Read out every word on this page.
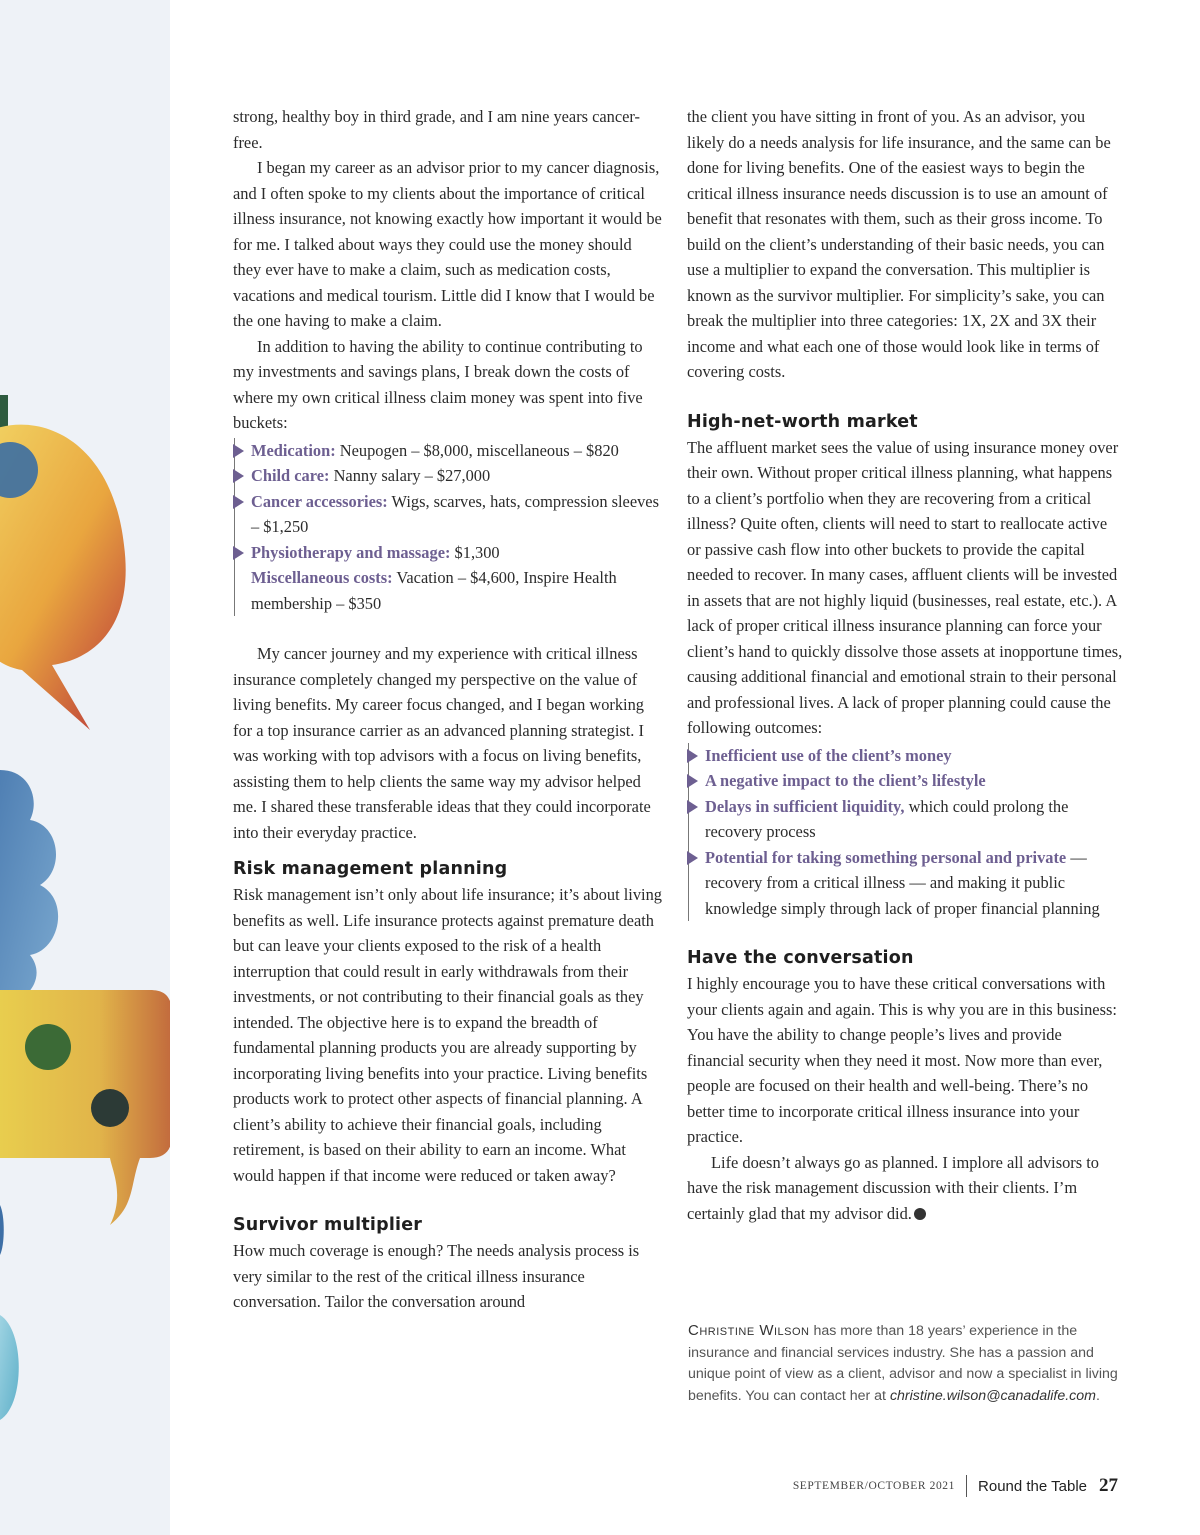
strong, healthy boy in third grade, and I am nine years cancer-free.

I began my career as an advisor prior to my cancer diagnosis, and I often spoke to my clients about the importance of critical illness insurance, not knowing exactly how important it would be for me. I talked about ways they could use the money should they ever have to make a claim, such as medication costs, vacations and medical tourism. Little did I know that I would be the one having to make a claim.

In addition to having the ability to continue contributing to my investments and savings plans, I break down the costs of where my own critical illness claim money was spent into five buckets:

Medication: Neupogen – $8,000, miscellaneous – $820
Child care: Nanny salary – $27,000
Cancer accessories: Wigs, scarves, hats, compression sleeves – $1,250
Physiotherapy and massage: $1,300
Miscellaneous costs: Vacation – $4,600, Inspire Health membership – $350

My cancer journey and my experience with critical illness insurance completely changed my perspective on the value of living benefits. My career focus changed, and I began working for a top insurance carrier as an advanced planning strategist. I was working with top advisors with a focus on living benefits, assisting them to help clients the same way my advisor helped me. I shared these transferable ideas that they could incorporate into their everyday practice.

Risk management planning

Risk management isn’t only about life insurance; it’s about living benefits as well. Life insurance protects against premature death but can leave your clients exposed to the risk of a health interruption that could result in early withdrawals from their investments, or not contributing to their financial goals as they intended. The objective here is to expand the breadth of fundamental planning products you are already supporting by incorporating living benefits into your practice. Living benefits products work to protect other aspects of financial planning. A client’s ability to achieve their financial goals, including retirement, is based on their ability to earn an income. What would happen if that income were reduced or taken away?

Survivor multiplier

How much coverage is enough? The needs analysis process is very similar to the rest of the critical illness insurance conversation. Tailor the conversation around

the client you have sitting in front of you. As an advisor, you likely do a needs analysis for life insurance, and the same can be done for living benefits. One of the easiest ways to begin the critical illness insurance needs discussion is to use an amount of benefit that resonates with them, such as their gross income. To build on the client’s understanding of their basic needs, you can use a multiplier to expand the conversation. This multiplier is known as the survivor multiplier. For simplicity’s sake, you can break the multiplier into three categories: 1X, 2X and 3X their income and what each one of those would look like in terms of covering costs.

High-net-worth market

The affluent market sees the value of using insurance money over their own. Without proper critical illness planning, what happens to a client’s portfolio when they are recovering from a critical illness? Quite often, clients will need to start to reallocate active or passive cash flow into other buckets to provide the capital needed to recover. In many cases, affluent clients will be invested in assets that are not highly liquid (businesses, real estate, etc.). A lack of proper critical illness insurance planning can force your client’s hand to quickly dissolve those assets at inopportune times, causing additional financial and emotional strain to their personal and professional lives. A lack of proper planning could cause the following outcomes:

Inefficient use of the client’s money
A negative impact to the client’s lifestyle
Delays in sufficient liquidity, which could prolong the recovery process
Potential for taking something personal and private — recovery from a critical illness — and making it public knowledge simply through lack of proper financial planning
Have the conversation

I highly encourage you to have these critical conversations with your clients again and again. This is why you are in this business: You have the ability to change people’s lives and provide financial security when they need it most. Now more than ever, people are focused on their health and well-being. There’s no better time to incorporate critical illness insurance into your practice.

Life doesn’t always go as planned. I implore all advisors to have the risk management discussion with their clients. I’m certainly glad that my advisor did.

Christine Wilson has more than 18 years’ experience in the insurance and financial services industry. She has a passion and unique point of view as a client, advisor and now a specialist in living benefits. You can contact her at christine.wilson@canadalife.com.
SEPTEMBER/OCTOBER 2021 Round the Table 27
